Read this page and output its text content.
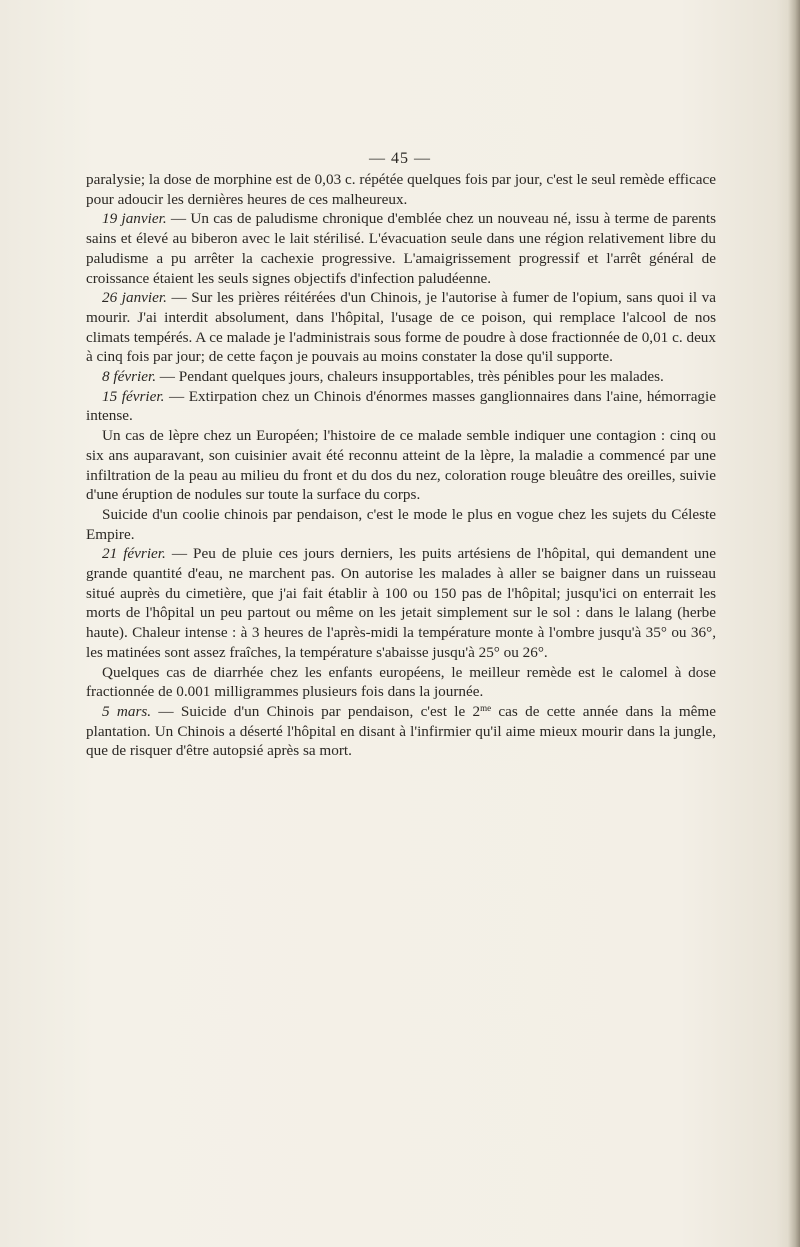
— 45 —

paralysie; la dose de morphine est de 0,03 c. répétée quelques fois par jour, c'est le seul remède efficace pour adoucir les dernières heures de ces malheureux.

19 janvier. — Un cas de paludisme chronique d'emblée chez un nouveau né, issu à terme de parents sains et élevé au biberon avec le lait stérilisé. L'évacuation seule dans une région relativement libre du paludisme a pu arrêter la cachexie progressive. L'amaigrissement progressif et l'arrêt général de croissance étaient les seuls signes objectifs d'infection paludéenne.

26 janvier. — Sur les prières réitérées d'un Chinois, je l'autorise à fumer de l'opium, sans quoi il va mourir. J'ai interdit absolument, dans l'hôpital, l'usage de ce poison, qui remplace l'alcool de nos climats tempérés. A ce malade je l'administrais sous forme de poudre à dose fractionnée de 0,01 c. deux à cinq fois par jour; de cette façon je pouvais au moins constater la dose qu'il supporte.

8 février. — Pendant quelques jours, chaleurs insupportables, très pénibles pour les malades.

15 février. — Extirpation chez un Chinois d'énormes masses ganglionnaires dans l'aine, hémorragie intense.

Un cas de lèpre chez un Européen; l'histoire de ce malade semble indiquer une contagion : cinq ou six ans auparavant, son cuisinier avait été reconnu atteint de la lèpre, la maladie a commencé par une infiltration de la peau au milieu du front et du dos du nez, coloration rouge bleuâtre des oreilles, suivie d'une éruption de nodules sur toute la surface du corps.

Suicide d'un coolie chinois par pendaison, c'est le mode le plus en vogue chez les sujets du Céleste Empire.

21 février. — Peu de pluie ces jours derniers, les puits artésiens de l'hôpital, qui demandent une grande quantité d'eau, ne marchent pas. On autorise les malades à aller se baigner dans un ruisseau situé auprès du cimetière, que j'ai fait établir à 100 ou 150 pas de l'hôpital; jusqu'ici on enterrait les morts de l'hôpital un peu partout ou même on les jetait simplement sur le sol : dans le lalang (herbe haute). Chaleur intense : à 3 heures de l'après-midi la température monte à l'ombre jusqu'à 35° ou 36°, les matinées sont assez fraîches, la température s'abaisse jusqu'à 25° ou 26°.

Quelques cas de diarrhée chez les enfants européens, le meilleur remède est le calomel à dose fractionnée de 0.001 milligrammes plusieurs fois dans la journée.

5 mars. — Suicide d'un Chinois par pendaison, c'est le $2^{me}$ cas de cette année dans la même plantation. Un Chinois a déserté l'hôpital en disant à l'infirmier qu'il aime mieux mourir dans la jungle, que de risquer d'être autopsié après sa mort.
